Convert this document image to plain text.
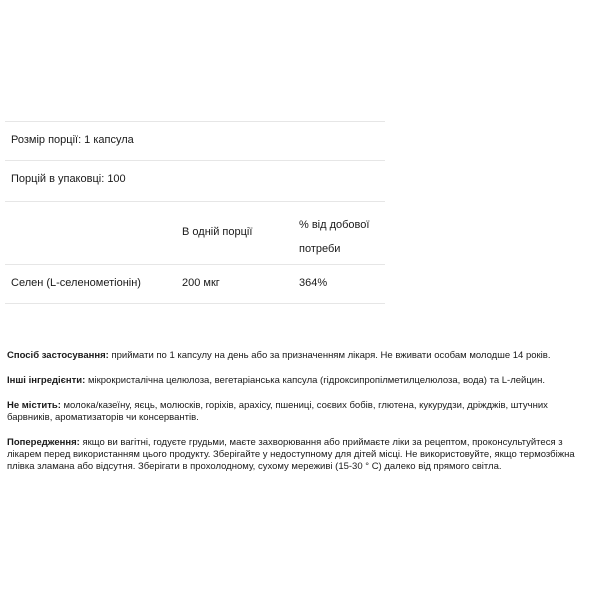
Розмір порції: 1 капсула
Порцій в упаковці: 100
В одній порції
% від добової потреби
Селен (L-селенометіонін)	200 мкг	364%

Спосіб застосування: приймати по 1 капсулу на день або за призначенням лікаря. Не вживати особам молодше 14 років.

Інші інгредієнти: мікрокристалічна целюлоза, вегетаріанська капсула (гідроксипропілметилцелюлоза, вода) та L-лейцин.

Не містить: молока/казеїну, яєць, молюсків, горіхів, арахісу, пшениці, соєвих бобів, глютена, кукурудзи, дріжджів, штучних барвників, ароматизаторів чи консервантів.

Попередження: якщо ви вагітні, годуєте грудьми, маєте захворювання або приймаєте ліки за рецептом, проконсультуйтеся з лікарем перед використанням цього продукту. Зберігайте у недоступному для дітей місці. Не використовуйте, якщо термозбіжна плівка зламана або відсутня. Зберігати в прохолодному, сухому мереживі (15-30 ° С) далеко від прямого світла.
